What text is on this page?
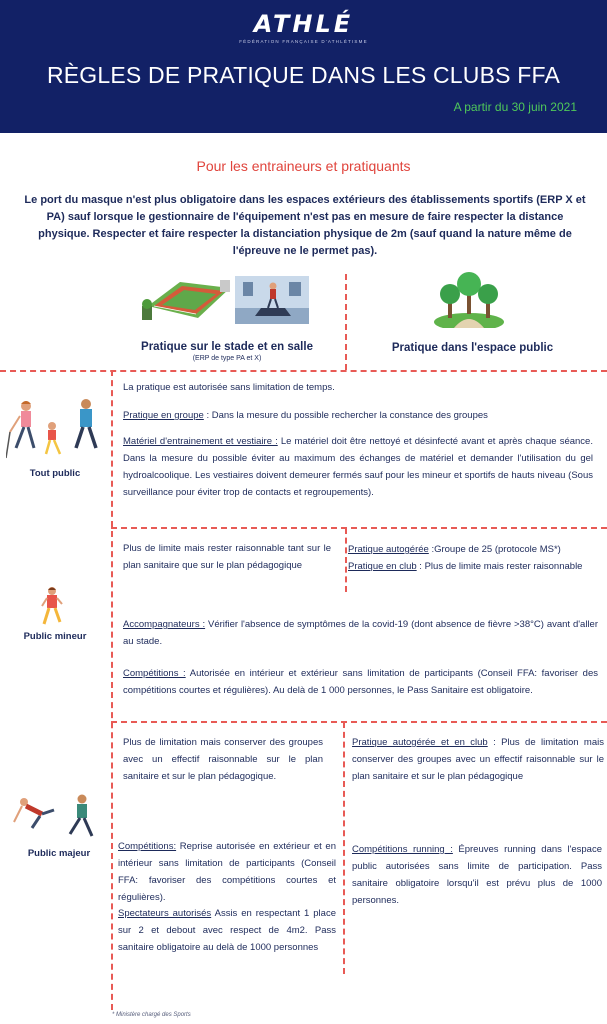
ATHLÉ
FÉDÉRATION FRANÇAISE D'ATHLÉTISME
RÈGLES DE PRATIQUE DANS LES CLUBS FFA
A partir du 30 juin 2021
Pour les entraineurs et pratiquants
Le port du masque n'est plus obligatoire dans les espaces extérieurs des établissements sportifs (ERP X et PA) sauf lorsque le gestionnaire de l'équipement n'est pas en mesure de faire respecter la distance physique. Respecter et faire respecter la distanciation physique de 2m (sauf quand la nature même de l'épreuve ne le permet pas).
Pratique sur le stade et en salle
(ERP de type PA et X)
Pratique dans l'espace public
Tout public
La pratique est autorisée sans limitation de temps.
Pratique en groupe : Dans la mesure du possible rechercher la constance des groupes
Matériel d'entrainement et vestiaire : Le matériel doit être nettoyé et désinfecté avant et après chaque séance. Dans la mesure du possible éviter au maximum des échanges de matériel et demander l'utilisation du gel hydroalcoolique. Les vestiaires doivent demeurer fermés sauf pour les mineur et sportifs de hauts niveau (Sous surveillance pour éviter trop de contacts et regroupements).
Public mineur
Plus de limite mais rester raisonnable tant sur le plan sanitaire que sur le plan pédagogique
Pratique autogérée :Groupe de 25 (protocole MS*)
Pratique en club : Plus de limite mais rester raisonnable
Accompagnateurs : Vérifier l'absence de symptômes de la covid-19 (dont absence de fièvre >38°C) avant d'aller au stade.
Compétitions : Autorisée en intérieur et extérieur sans limitation de participants (Conseil FFA: favoriser des compétitions courtes et régulières). Au delà de 1 000 personnes, le Pass Sanitaire est obligatoire.
Public majeur
Plus de limitation mais conserver des groupes avec un effectif raisonnable sur le plan sanitaire et sur le plan pédagogique.
Pratique autogérée et en club : Plus de limitation mais conserver des groupes avec un effectif raisonnable sur le plan sanitaire et sur le plan pédagogique
Compétitions: Reprise autorisée en extérieur et en intérieur sans limitation de participants (Conseil FFA: favoriser des compétitions courtes et régulières).
Spectateurs autorisés Assis en respectant 1 place sur 2 et debout avec respect de 4m2. Pass sanitaire obligatoire au delà de 1000 personnes
Compétitions running : Épreuves running dans l'espace public autorisées sans limite de participation. Pass sanitaire obligatoire lorsqu'il est prévu plus de 1000 personnes.
* Ministère chargé des Sports
